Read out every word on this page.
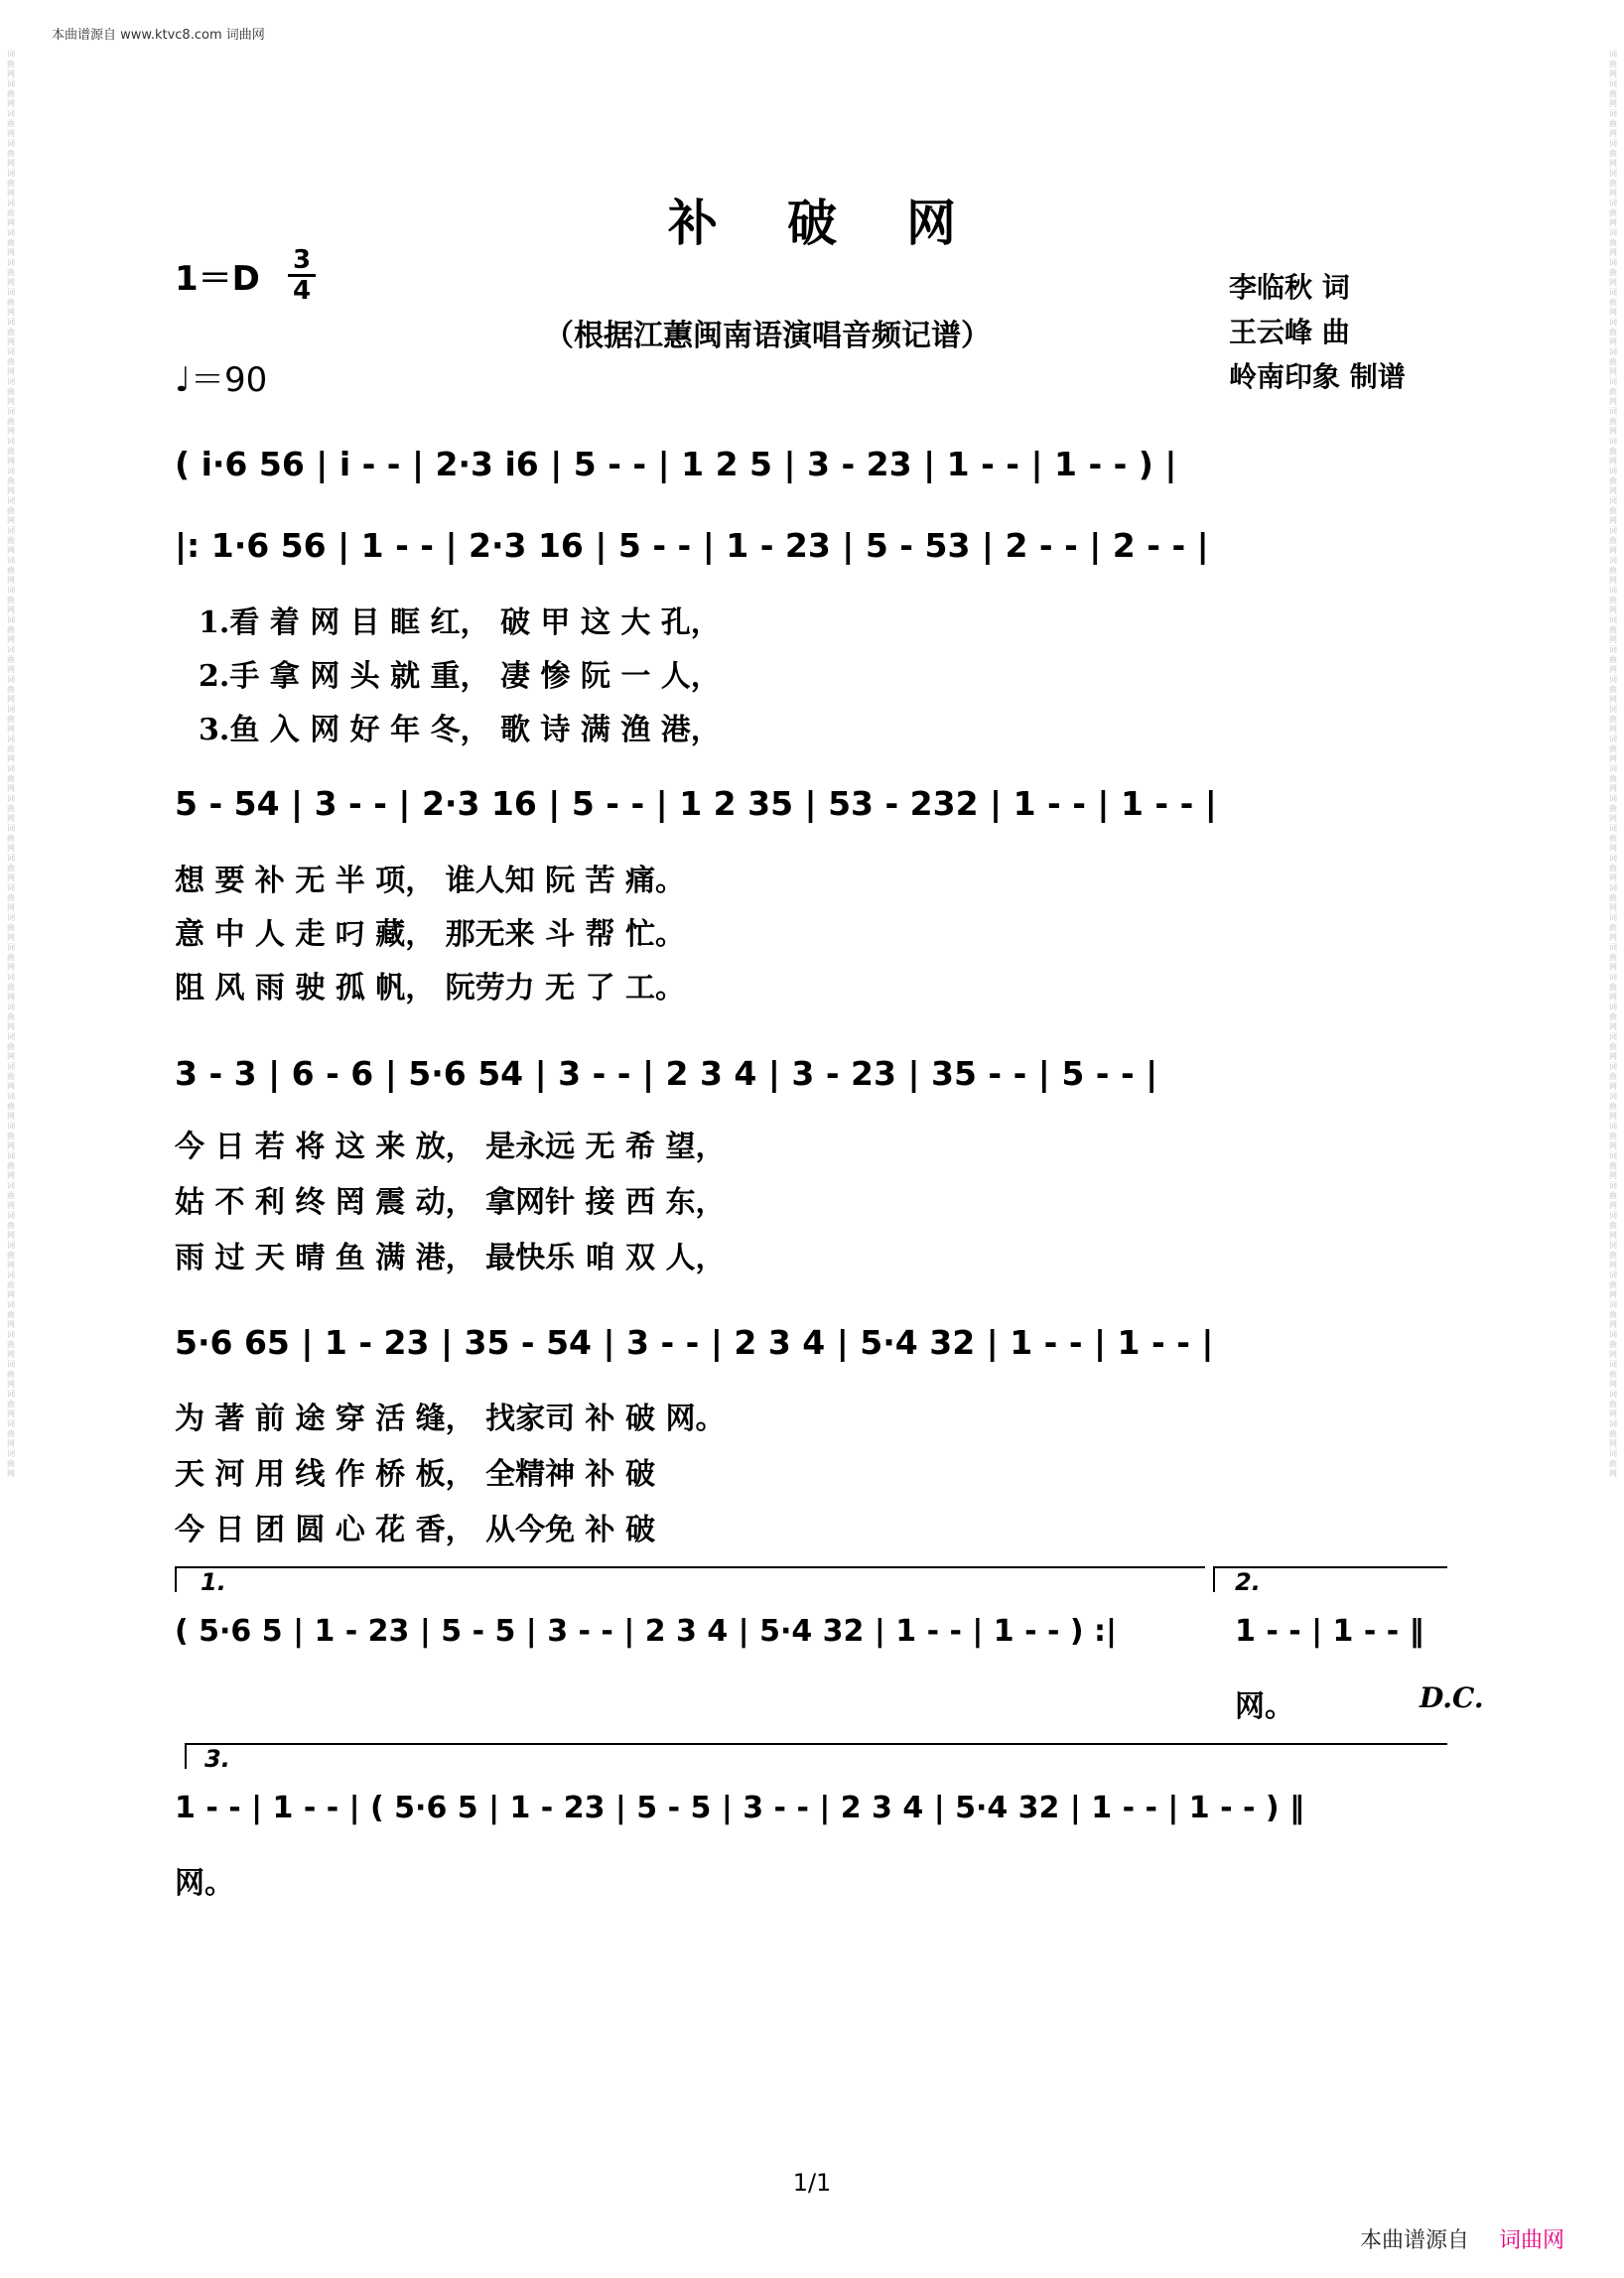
本曲谱源自 www.ktvc8.com 词曲网
词曲网 词曲网 词曲网 词曲网 词曲网 词曲网 词曲网 词曲网 词曲网 词曲网 词曲网 词曲网 词曲网 词曲网 词曲网 词曲网 词曲网 词曲网 词曲网 词曲网 词曲网 词曲网 词曲网 词曲网 词曲网 词曲网 词曲网 词曲网 词曲网 词曲网 词曲网 词曲网 词曲网 词曲网 词曲网 词曲网 词曲网 词曲网 词曲网 词曲网 词曲网 词曲网 词曲网 词曲网 词曲网 词曲网 词曲网 词曲网
词曲网 词曲网 词曲网 词曲网 词曲网 词曲网 词曲网 词曲网 词曲网 词曲网 词曲网 词曲网 词曲网 词曲网 词曲网 词曲网 词曲网 词曲网 词曲网 词曲网 词曲网 词曲网 词曲网 词曲网 词曲网 词曲网 词曲网 词曲网 词曲网 词曲网 词曲网 词曲网 词曲网 词曲网 词曲网 词曲网 词曲网 词曲网 词曲网 词曲网 词曲网 词曲网 词曲网 词曲网 词曲网 词曲网 词曲网 词曲网
补破网
1＝D 3
4
♩＝90
（根据江蕙闽南语演唱音频记谱）
李临秋 词
王云峰 曲
岭南印象 制谱
( i·6 56 | i - - | 2·3 i6 | 5 - - | 1 2 5 | 3 - 23 | 1 - - | 1 - - ) |
|: 1·6 56 | 1 - - | 2·3 16 | 5 - - | 1 - 23 | 5 - 53 | 2 - - | 2 - - |
1.看 着 网 目 眶 红， 破 甲 这 大 孔，
2.手 拿 网 头 就 重， 凄 惨 阮 一 人，
3.鱼 入 网 好 年 冬， 歌 诗 满 渔 港，
5 - 54 | 3 - - | 2·3 16 | 5 - - | 1 2 35 | 53 - 232 | 1 - - | 1 - - |
想 要 补 无 半 项， 谁人知 阮 苦 痛。
意 中 人 走 叼 藏， 那无来 斗 帮 忙。
阻 风 雨 驶 孤 帆， 阮劳力 无 了 工。
3 - 3 | 6 - 6 | 5·6 54 | 3 - - | 2 3 4 | 3 - 23 | 35 - - | 5 - - |
今 日 若 将 这 来 放， 是永远 无 希 望，
姑 不 利 终 罔 震 动， 拿网针 接 西 东，
雨 过 天 晴 鱼 满 港， 最快乐 咱 双 人，
5·6 65 | 1 - 23 | 35 - 54 | 3 - - | 2 3 4 | 5·4 32 | 1 - - | 1 - - |
为 著 前 途 穿 活 缝， 找家司 补 破 网。
天 河 用 线 作 桥 板， 全精神 补 破
今 日 团 圆 心 花 香， 从今免 补 破
1.	2.
( 5·6 5 | 1 - 23 | 5 - 5 | 3 - - | 2 3 4 | 5·4 32 | 1 - - | 1 - - ) :|	1 - - | 1 - - ‖
网。	D.C.
3.
1 - - | 1 - - | ( 5·6 5 | 1 - 23 | 5 - 5 | 3 - - | 2 3 4 | 5·4 32 | 1 - - | 1 - - ) ‖
网。
1/1
本曲谱源自 词曲网
